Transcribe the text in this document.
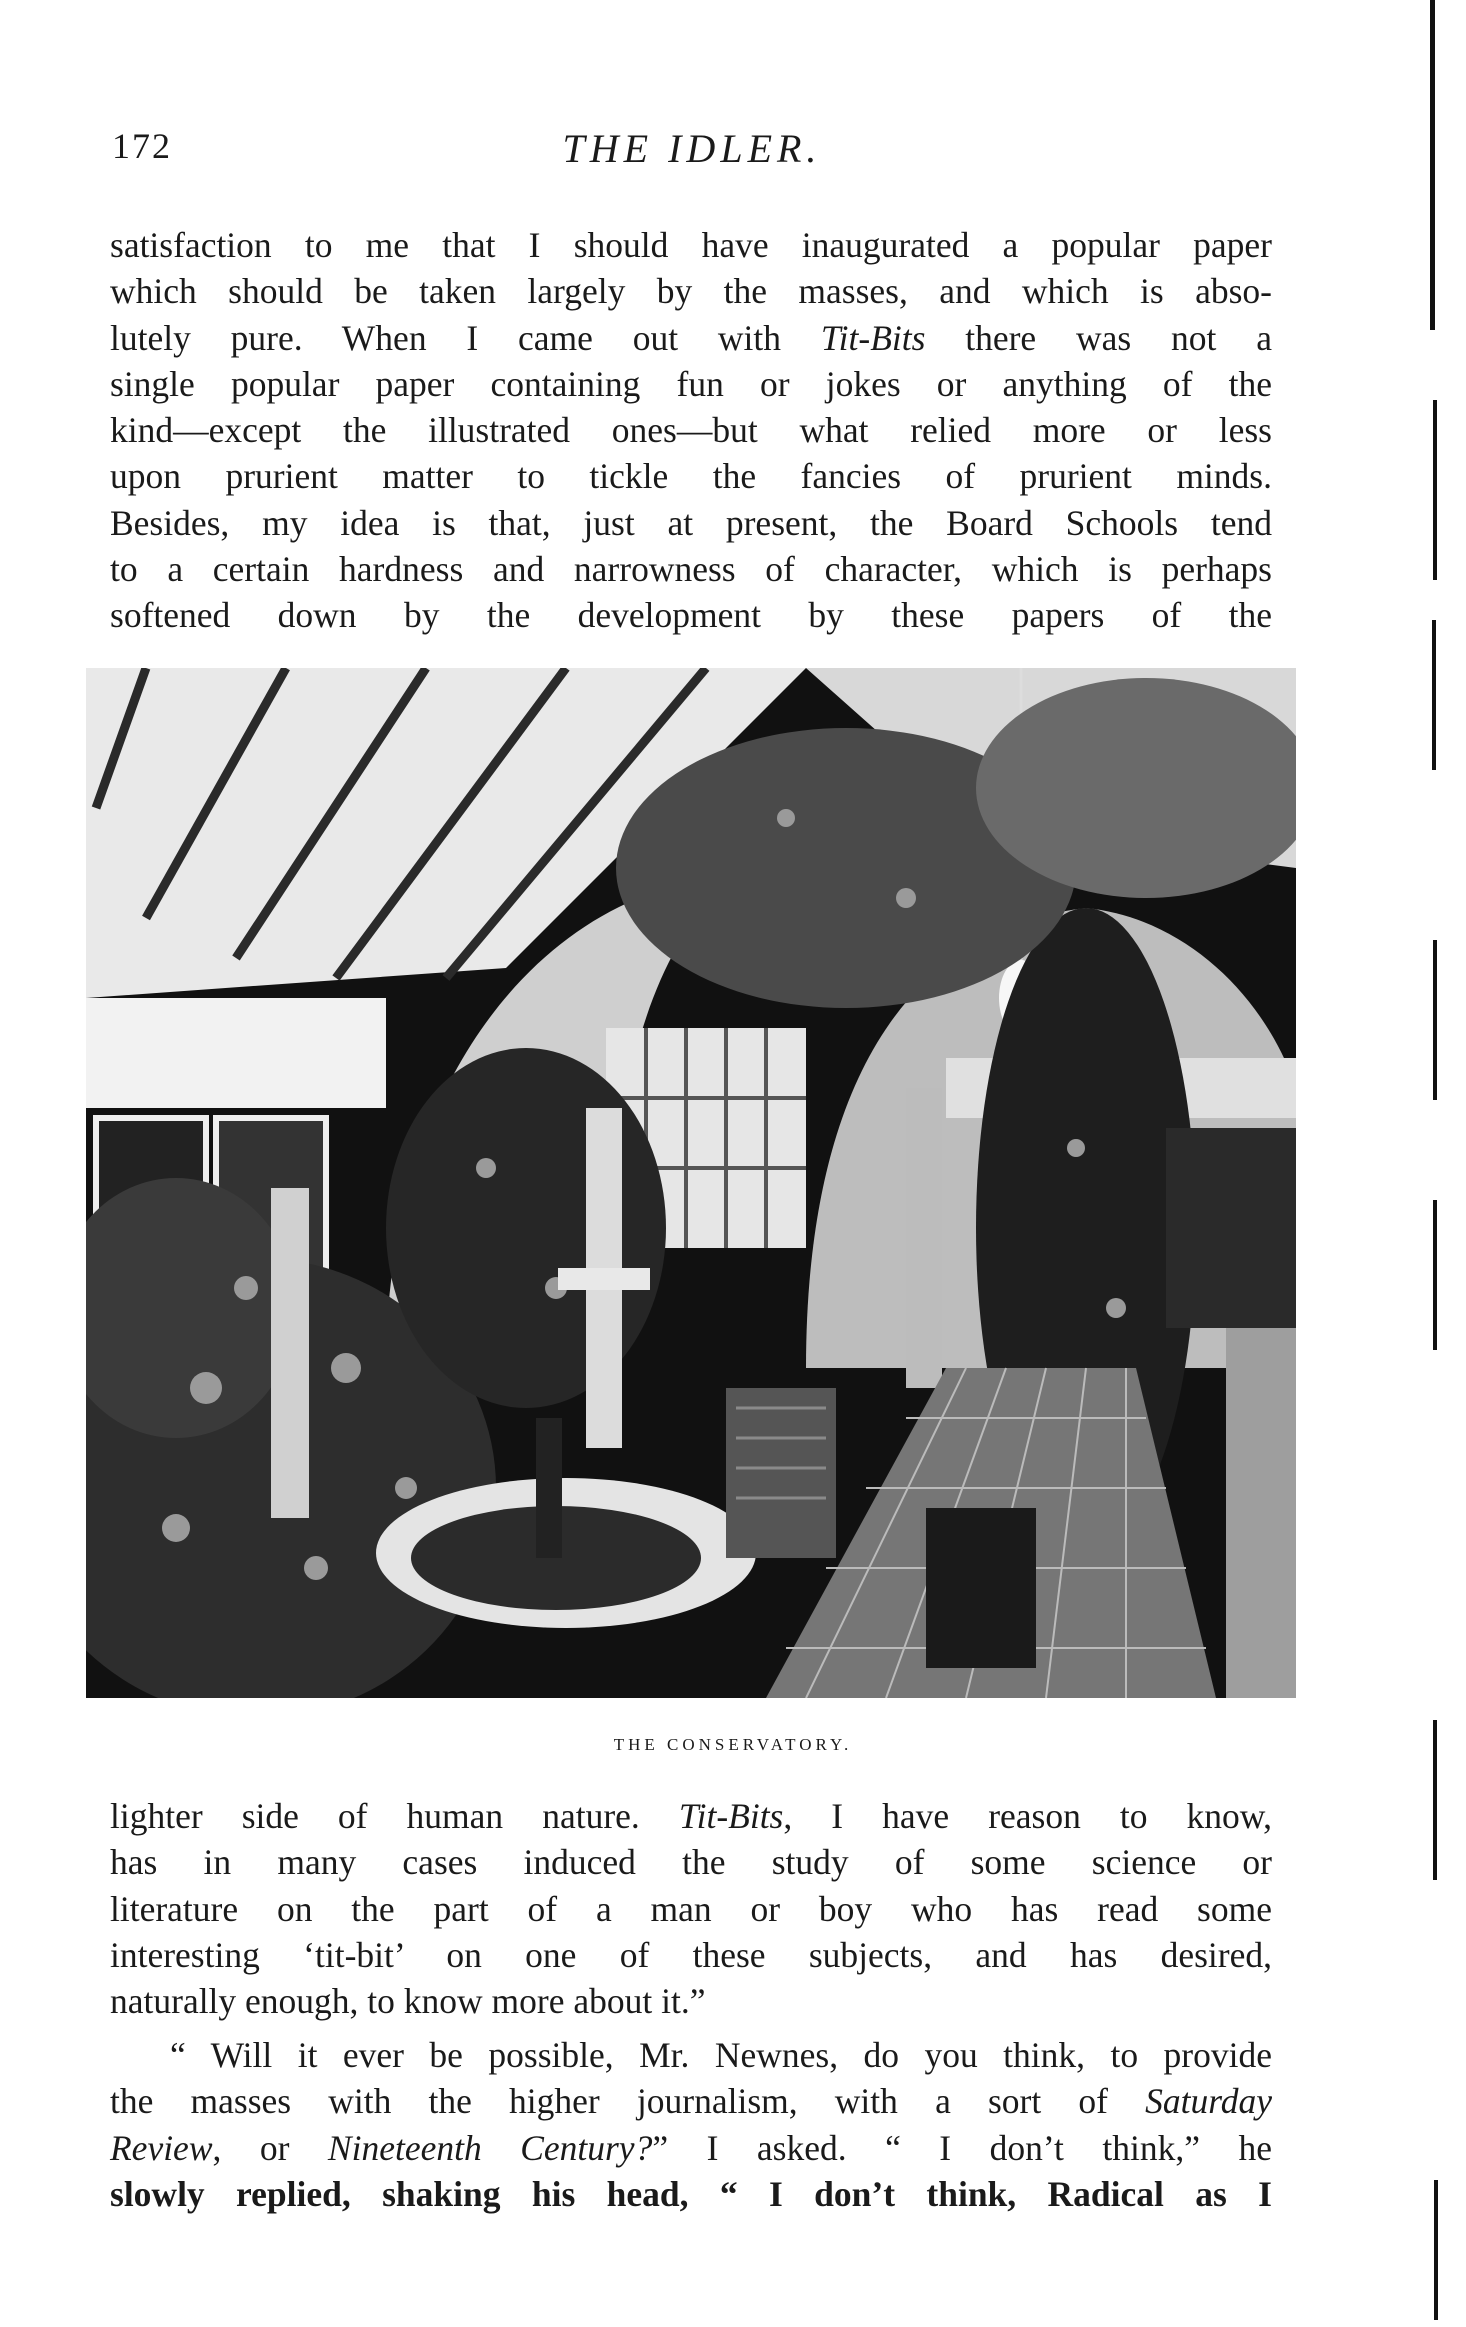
172	THE IDLER.

satisfaction to me that I should have inaugurated a popular paper
which should be taken largely by the masses, and which is abso-
lutely pure. When I came out with Tit-Bits there was not a
single popular paper containing fun or jokes or anything of the
kind—except the illustrated ones—but what relied more or less
upon prurient matter to tickle the fancies of prurient minds.
Besides, my idea is that, just at present, the Board Schools tend
to a certain hardness and narrowness of character, which is perhaps
softened down by the development by these papers of the

THE CONSERVATORY.

lighter side of human nature. Tit-Bits, I have reason to know,
has in many cases induced the study of some science or
literature on the part of a man or boy who has read some
interesting ‘tit-bit’ on one of these subjects, and has desired,
naturally enough, to know more about it.”

“ Will it ever be possible, Mr. Newnes, do you think, to provide
the masses with the higher journalism, with a sort of Saturday
Review, or Nineteenth Century?” I asked. “ I don’t think,” he
slowly replied, shaking his head, “ I don’t think, Radical as I
